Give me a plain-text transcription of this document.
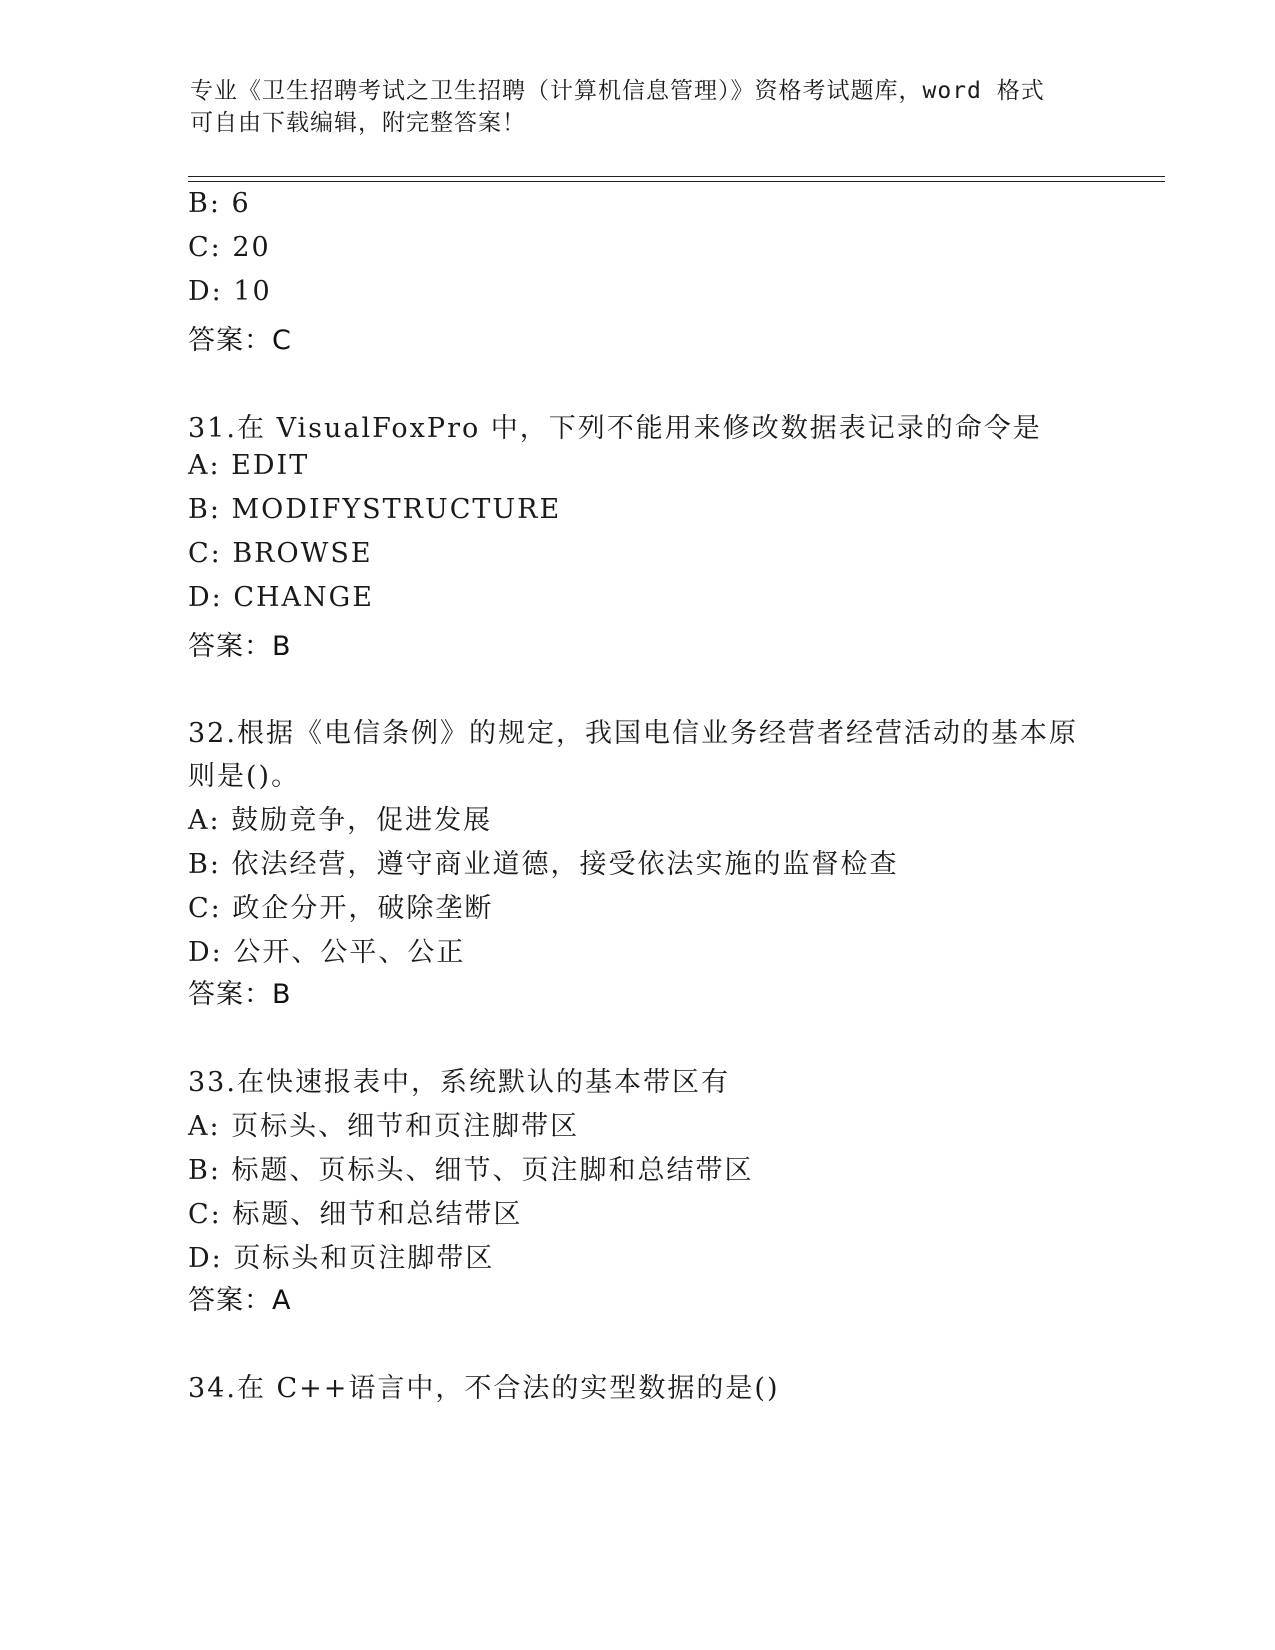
专业《卫生招聘考试之卫生招聘（计算机信息管理）》资格考试题库，word 格式
可自由下载编辑，附完整答案！
B: 6
C: 20
D: 10
答案：C
31.在 VisualFoxPro 中，下列不能用来修改数据表记录的命令是
A: EDIT
B: MODIFYSTRUCTURE
C: BROWSE
D: CHANGE
答案：B
32.根据《电信条例》的规定，我国电信业务经营者经营活动的基本原
则是()。
A: 鼓励竞争，促进发展
B: 依法经营，遵守商业道德，接受依法实施的监督检查
C: 政企分开，破除垄断
D: 公开、公平、公正
答案：B
33.在快速报表中，系统默认的基本带区有
A: 页标头、细节和页注脚带区
B: 标题、页标头、细节、页注脚和总结带区
C: 标题、细节和总结带区
D: 页标头和页注脚带区
答案：A
34.在 C++语言中，不合法的实型数据的是()
